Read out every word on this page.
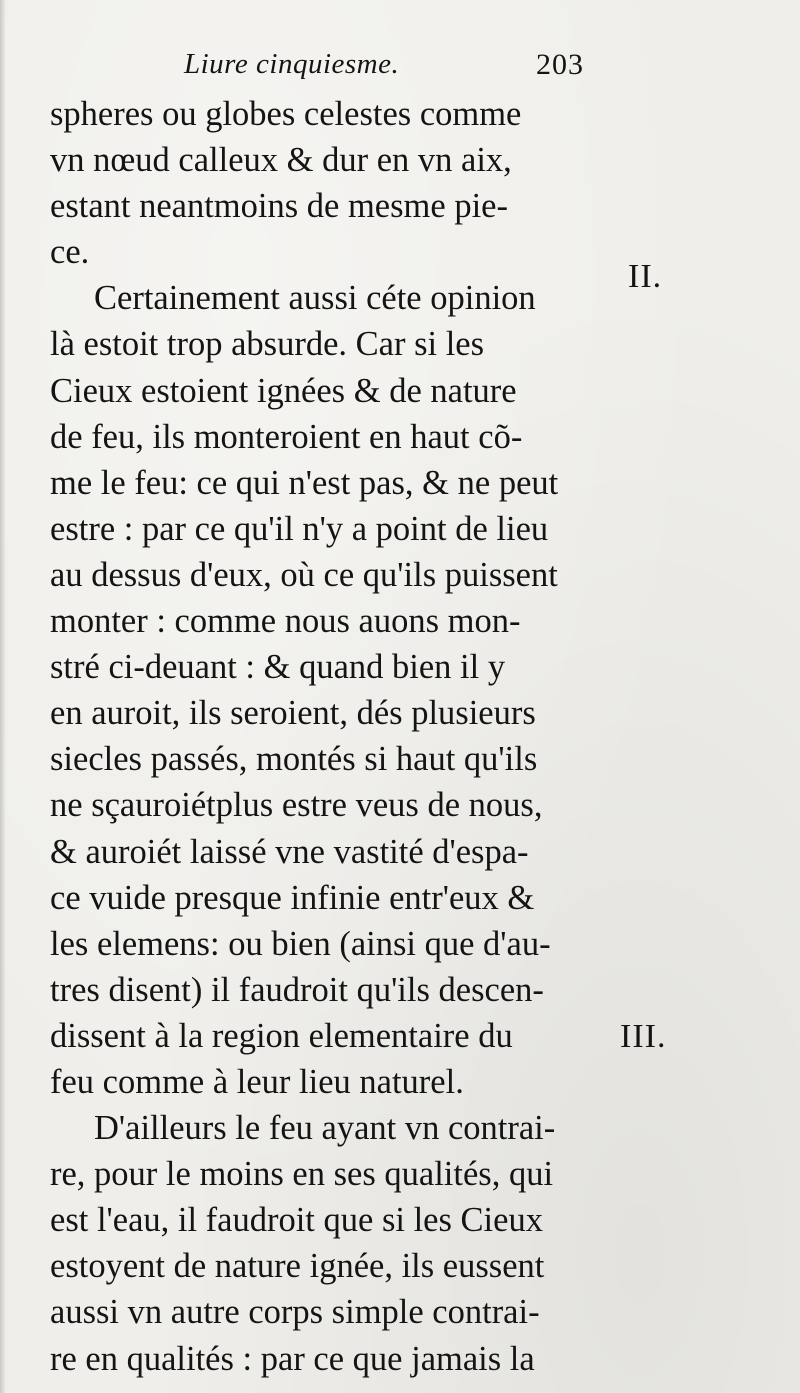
Liure cinquiesme.	203
II.
III.
spheres ou globes celestes comme
vn nœud calleux & dur en vn aix,
estant neantmoins de mesme pie-
ce.
Certainement aussi céte opinion
là estoit trop absurde. Car si les
Cieux estoient ignées & de nature
de feu, ils monteroient en haut cõ-
me le feu: ce qui n'est pas, & ne peut
estre : par ce qu'il n'y a point de lieu
au dessus d'eux, où ce qu'ils puissent
monter : comme nous auons mon-
stré ci-deuant : & quand bien il y
en auroit, ils seroient, dés plusieurs
siecles passés, montés si haut qu'ils
ne sçauroiétplus estre veus de nous,
& auroiét laissé vne vastité d'espa-
ce vuide presque infinie entr'eux &
les elemens: ou bien (ainsi que d'au-
tres disent) il faudroit qu'ils descen-
dissent à la region elementaire du
feu comme à leur lieu naturel.
D'ailleurs le feu ayant vn contrai-
re, pour le moins en ses qualités, qui
est l'eau, il faudroit que si les Cieux
estoyent de nature ignée, ils eussent
aussi vn autre corps simple contrai-
re en qualités : par ce que jamais la
